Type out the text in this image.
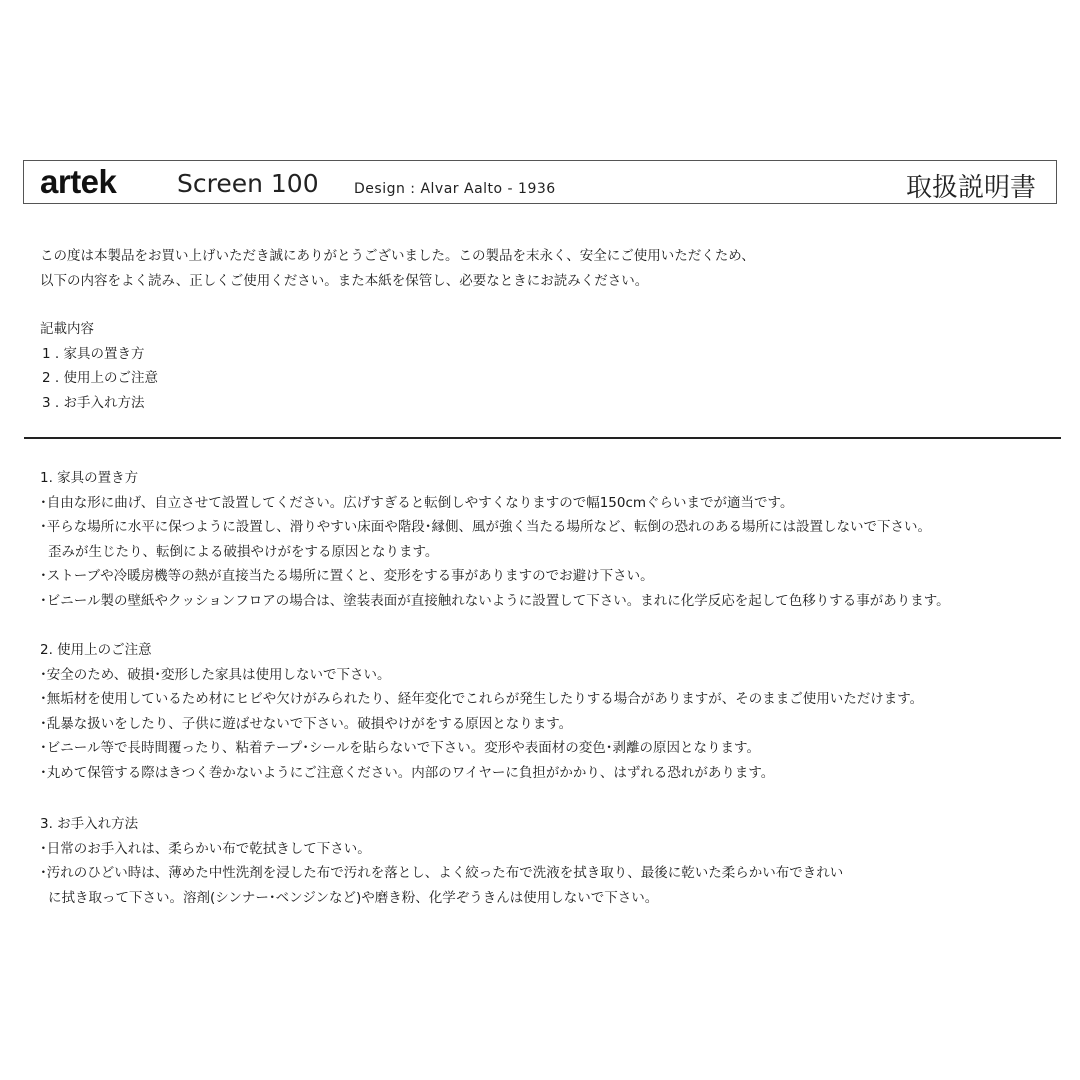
artek Screen 100	Design : Alvar Aalto - 1936	取扱説明書
この度は本製品をお買い上げいただき誠にありがとうございました。この製品を末永く、安全にご使用いただくため、
以下の内容をよく読み、正しくご使用ください。また本紙を保管し、必要なときにお読みください。
記載内容
1 . 家具の置き方
2 . 使用上のご注意
3 . お手入れ方法
1. 家具の置き方
･自由な形に曲げ、自立させて設置してください。広げすぎると転倒しやすくなりますので幅150cmぐらいまでが適当です。
･平らな場所に水平に保つように設置し、滑りやすい床面や階段･縁側、風が強く当たる場所など、転倒の恐れのある場所には設置しないで下さい。
歪みが生じたり、転倒による破損やけがをする原因となります。
･ストーブや冷暖房機等の熱が直接当たる場所に置くと、変形をする事がありますのでお避け下さい。
･ビニール製の壁紙やクッションフロアの場合は、塗装表面が直接触れないように設置して下さい。まれに化学反応を起して色移りする事があります。
2. 使用上のご注意
･安全のため、破損･変形した家具は使用しないで下さい。
･無垢材を使用しているため材にヒビや欠けがみられたり、経年変化でこれらが発生したりする場合がありますが、そのままご使用いただけます。
･乱暴な扱いをしたり、子供に遊ばせないで下さい。破損やけがをする原因となります。
･ビニール等で長時間覆ったり、粘着テープ･シールを貼らないで下さい。変形や表面材の変色･剥離の原因となります。
･丸めて保管する際はきつく巻かないようにご注意ください。内部のワイヤーに負担がかかり、はずれる恐れがあります。
3. お手入れ方法
･日常のお手入れは、柔らかい布で乾拭きして下さい。
･汚れのひどい時は、薄めた中性洗剤を浸した布で汚れを落とし、よく絞った布で洗液を拭き取り、最後に乾いた柔らかい布できれい
に拭き取って下さい。溶剤(シンナー･ベンジンなど)や磨き粉、化学ぞうきんは使用しないで下さい。
